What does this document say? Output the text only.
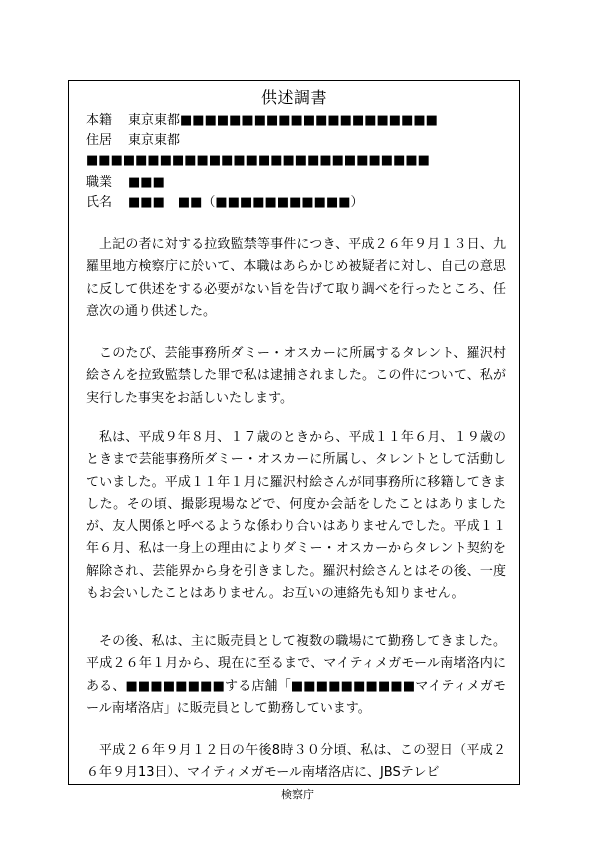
供述調書
本籍 東京東都■■■■■■■■■■■■■■■■■■■■■
住居 東京東都
■■■■■■■■■■■■■■■■■■■■■■■■■■■■
職業 ■■■
氏名 ■■■　■■（■■■■■■■■■■■）

上記の者に対する拉致監禁等事件につき、平成２６年９月１３日、九羅里地方検察庁に於いて、本職はあらかじめ被疑者に対し、自己の意思に反して供述をする必要がない旨を告げて取り調べを行ったところ、任意次の通り供述した。

このたび、芸能事務所ダミー・オスカーに所属するタレント、羅沢村絵さんを拉致監禁した罪で私は逮捕されました。この件について、私が実行した事実をお話しいたします。

私は、平成９年８月、１７歳のときから、平成１１年６月、１９歳のときまで芸能事務所ダミー・オスカーに所属し、タレントとして活動していました。平成１１年１月に羅沢村絵さんが同事務所に移籍してきました。その頃、撮影現場などで、何度か会話をしたことはありましたが、友人関係と呼べるような係わり合いはありませんでした。平成１１年６月、私は一身上の理由によりダミー・オスカーからタレント契約を解除され、芸能界から身を引きました。羅沢村絵さんとはその後、一度もお会いしたことはありません。お互いの連絡先も知りません。

その後、私は、主に販売員として複数の職場にて勤務してきました。平成２６年１月から、現在に至るまで、マイティメガモール南堵洛内にある、■■■■■■■■する店舗「■■■■■■■■■■マイティメガモール南堵洛店」に販売員として勤務しています。

平成２６年９月１２日の午後8時３０分頃、私は、この翌日（平成２６年９月13日）、マイティメガモール南堵洛店に、JBSテレビ

検察庁
